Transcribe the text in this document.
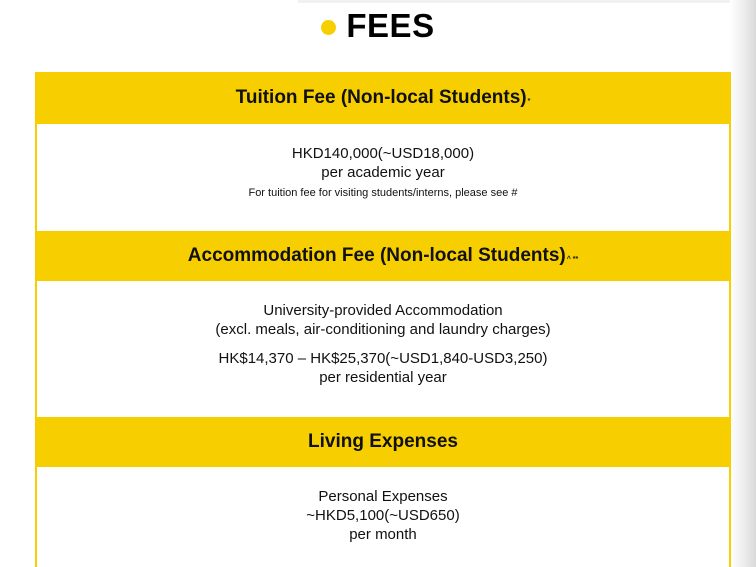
FEES
Tuition Fee (Non-local Students) *
HKD140,000(~USD18,000)
per academic year
For tuition fee for visiting students/interns, please see #
Accommodation Fee (Non-local Students) ^ **
University-provided Accommodation
(excl. meals, air-conditioning and laundry charges)
HK$14,370 – HK$25,370(~USD1,840-USD3,250)
per residential year
Living Expenses
Personal Expenses
~HKD5,100(~USD650)
per month
